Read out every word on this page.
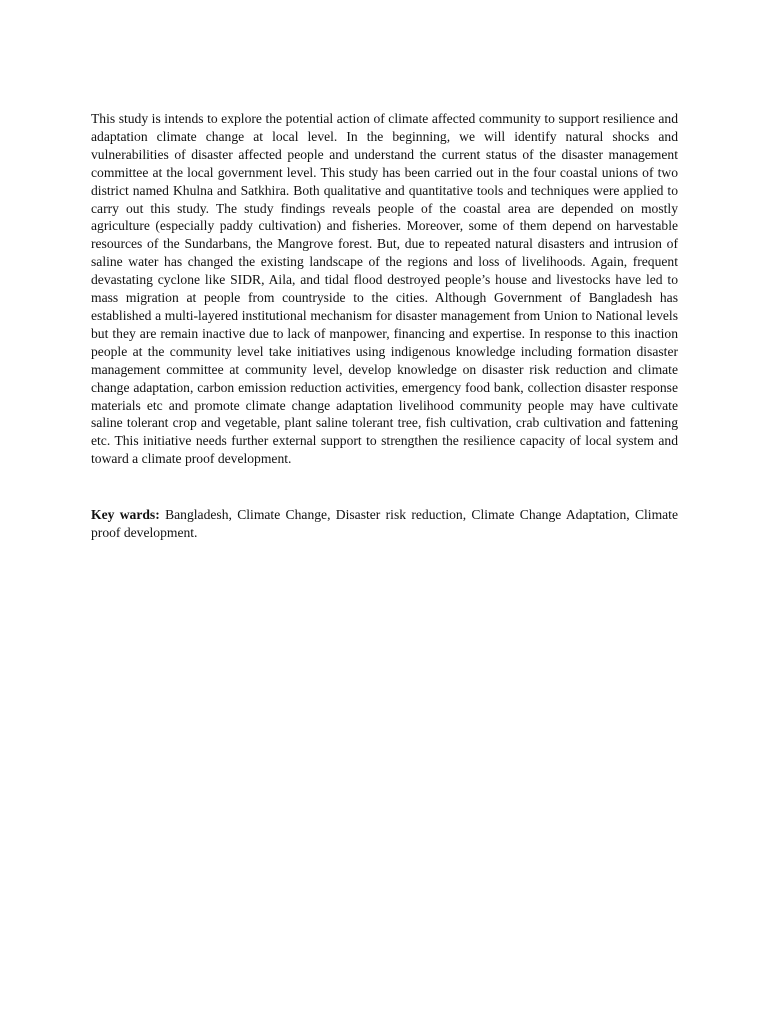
This study is intends to explore the potential action of climate affected community to support resilience and adaptation climate change at local level. In the beginning, we will identify natural shocks and vulnerabilities of disaster affected people and understand the current status of the disaster management committee at the local government level. This study has been carried out in the four coastal unions of two district named Khulna and Satkhira. Both qualitative and quantitative tools and techniques were applied to carry out this study. The study findings reveals people of the coastal area are depended on mostly agriculture (especially paddy cultivation) and fisheries. Moreover, some of them depend on harvestable resources of the Sundarbans, the Mangrove forest. But, due to repeated natural disasters and intrusion of saline water has changed the existing landscape of the regions and loss of livelihoods. Again, frequent devastating cyclone like SIDR, Aila, and tidal flood destroyed people’s house and livestocks have led to mass migration at people from countryside to the cities. Although Government of Bangladesh has established a multi-layered institutional mechanism for disaster management from Union to National levels but they are remain inactive due to lack of manpower, financing and expertise. In response to this inaction people at the community level take initiatives using indigenous knowledge including formation disaster management committee at community level, develop knowledge on disaster risk reduction and climate change adaptation, carbon emission reduction activities, emergency food bank, collection disaster response materials etc and promote climate change adaptation livelihood community people may have cultivate saline tolerant crop and vegetable, plant saline tolerant tree, fish cultivation, crab cultivation and fattening etc. This initiative needs further external support to strengthen the resilience capacity of local system and toward a climate proof development.

Key wards: Bangladesh, Climate Change, Disaster risk reduction, Climate Change Adaptation, Climate proof development.
